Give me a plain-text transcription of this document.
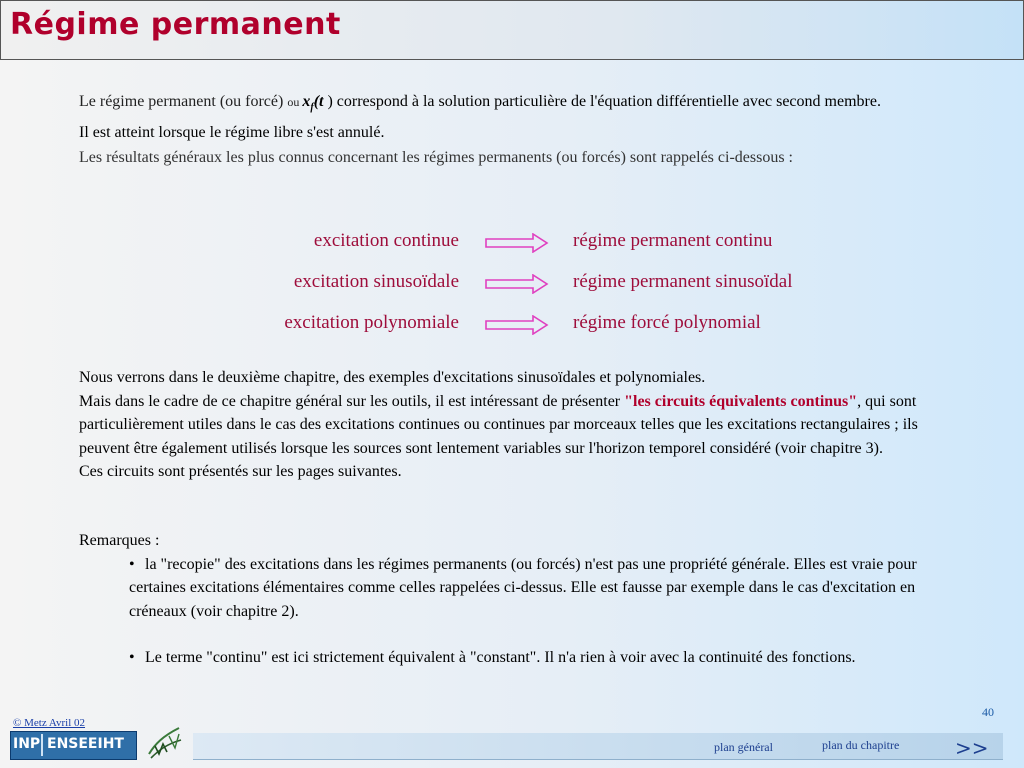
Régime permanent

Le régime permanent (ou forcé) ou $x_f(t$ ) correspond à la solution particulière de l'équation différentielle avec second membre.

Il est atteint lorsque le régime libre s'est annulé.

Les résultats généraux les plus connus concernant les régimes permanents (ou forcés) sont rappelés ci-dessous :

excitation continue	régime permanent continu
excitation sinusoïdale	régime permanent sinusoïdal
excitation polynomiale	régime forcé polynomial

Nous verrons dans le deuxième chapitre, des exemples d'excitations sinusoïdales et polynomiales.

Mais dans le cadre de ce chapitre général sur les outils, il est intéressant de présenter "les circuits équivalents continus", qui sont particulièrement utiles dans le cas des excitations continues ou continues par morceaux telles que les excitations rectangulaires ; ils peuvent être également utilisés lorsque les sources sont lentement variables sur l'horizon temporel considéré (voir chapitre 3).

Ces circuits sont présentés sur les pages suivantes.

Remarques :

• la "recopie" des excitations dans les régimes permanents (ou forcés) n'est pas une propriété générale. Elles est vraie pour certaines excitations élémentaires comme celles rappelées ci-dessus. Elle est fausse par exemple dans le cas d'excitation en créneaux (voir chapitre 2).

• Le terme "continu" est ici strictement équivalent à "constant". Il n'a rien à voir avec la continuité des fonctions.

40
© Metz Avril 02
INP ENSEEIHT	plan général	plan du chapitre	>>
